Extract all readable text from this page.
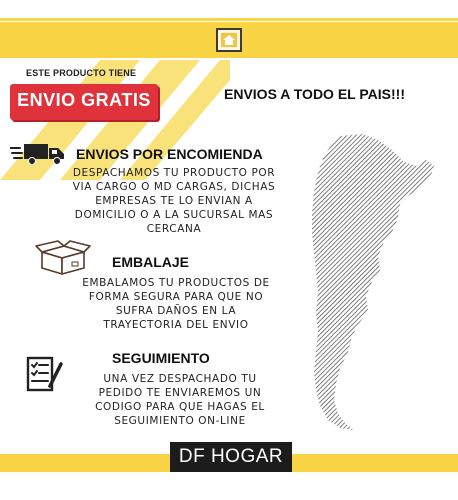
ESTE PRODUCTO TIENE
ENVIO GRATIS	ENVIOS A TODO EL PAIS!!!
ENVIOS POR ENCOMIENDA
DESPACHAMOS TU PRODUCTO POR
VIA CARGO O MD CARGAS, DICHAS
EMPRESAS TE LO ENVIAN A
DOMICILIO O A LA SUCURSAL MAS
CERCANA
EMBALAJE
EMBALAMOS TU PRODUCTOS DE
FORMA SEGURA PARA QUE NO
SUFRA DAÑOS EN LA
TRAYECTORIA DEL ENVIO
SEGUIMIENTO
UNA VEZ DESPACHADO TU
PEDIDO TE ENVIAREMOS UN
CODIGO PARA QUE HAGAS EL
SEGUIMIENTO ON-LINE
DF HOGAR
